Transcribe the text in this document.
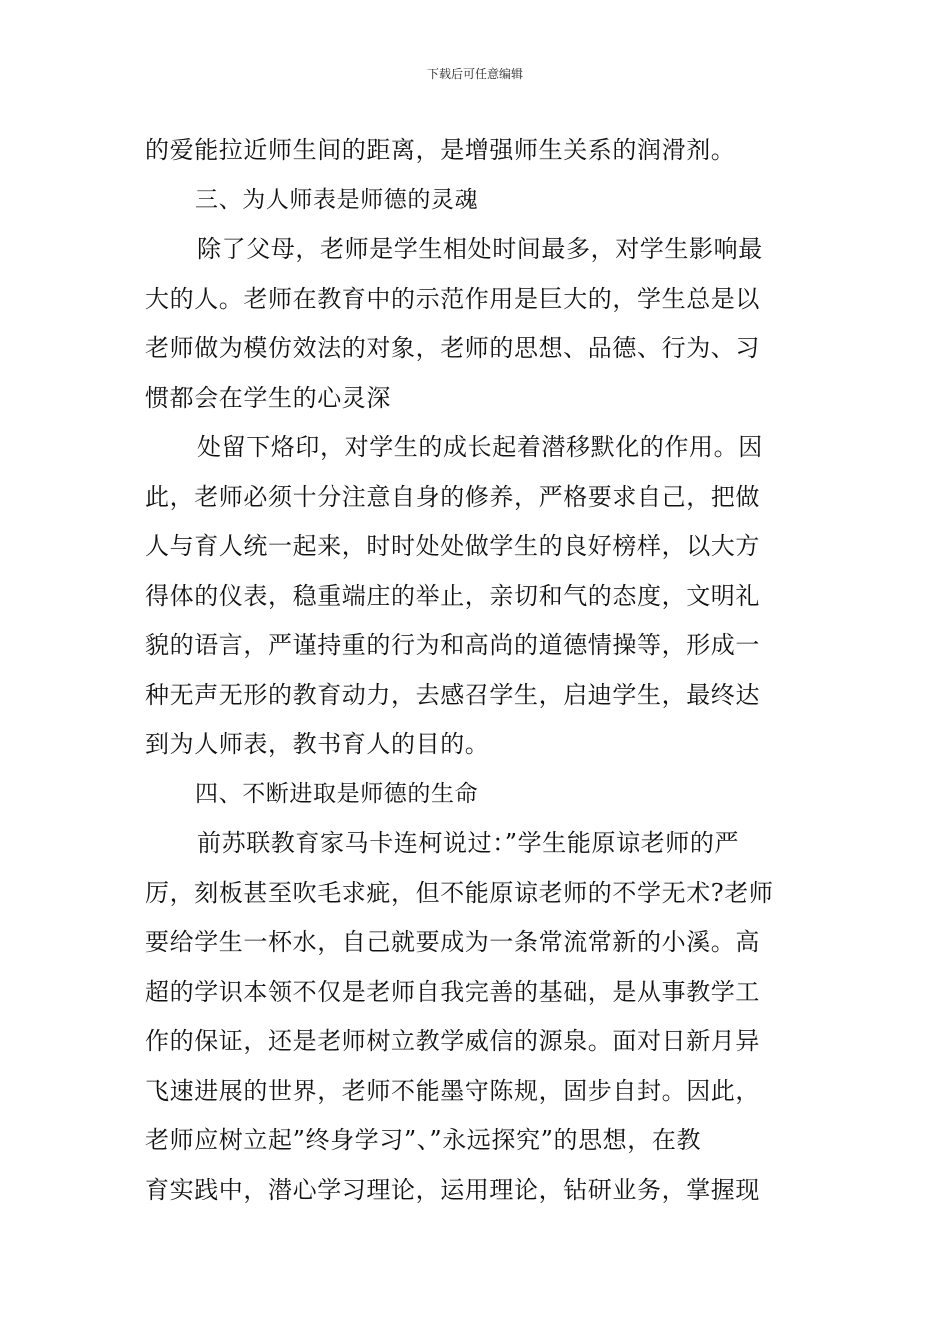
下载后可任意编辑
的爱能拉近师生间的距离，是增强师生关系的润滑剂。
三、为人师表是师德的灵魂
除了父母，老师是学生相处时间最多，对学生影响最
大的人。老师在教育中的示范作用是巨大的，学生总是以
老师做为模仿效法的对象，老师的思想、品德、行为、习
惯都会在学生的心灵深
处留下烙印，对学生的成长起着潜移默化的作用。因
此，老师必须十分注意自身的修养，严格要求自己，把做
人与育人统一起来，时时处处做学生的良好榜样，以大方
得体的仪表，稳重端庄的举止，亲切和气的态度，文明礼
貌的语言，严谨持重的行为和高尚的道德情操等，形成一
种无声无形的教育动力，去感召学生，启迪学生，最终达
到为人师表，教书育人的目的。
四、不断进取是师德的生命
前苏联教育家马卡连柯说过：”学生能原谅老师的严
厉，刻板甚至吹毛求疵，但不能原谅老师的不学无术?老师
要给学生一杯水，自己就要成为一条常流常新的小溪。高
超的学识本领不仅是老师自我完善的基础，是从事教学工
作的保证，还是老师树立教学威信的源泉。面对日新月异
飞速进展的世界，老师不能墨守陈规，固步自封。因此，
老师应树立起”终身学习”、”永远探究”的思想，在教
育实践中，潜心学习理论，运用理论，钻研业务，掌握现
